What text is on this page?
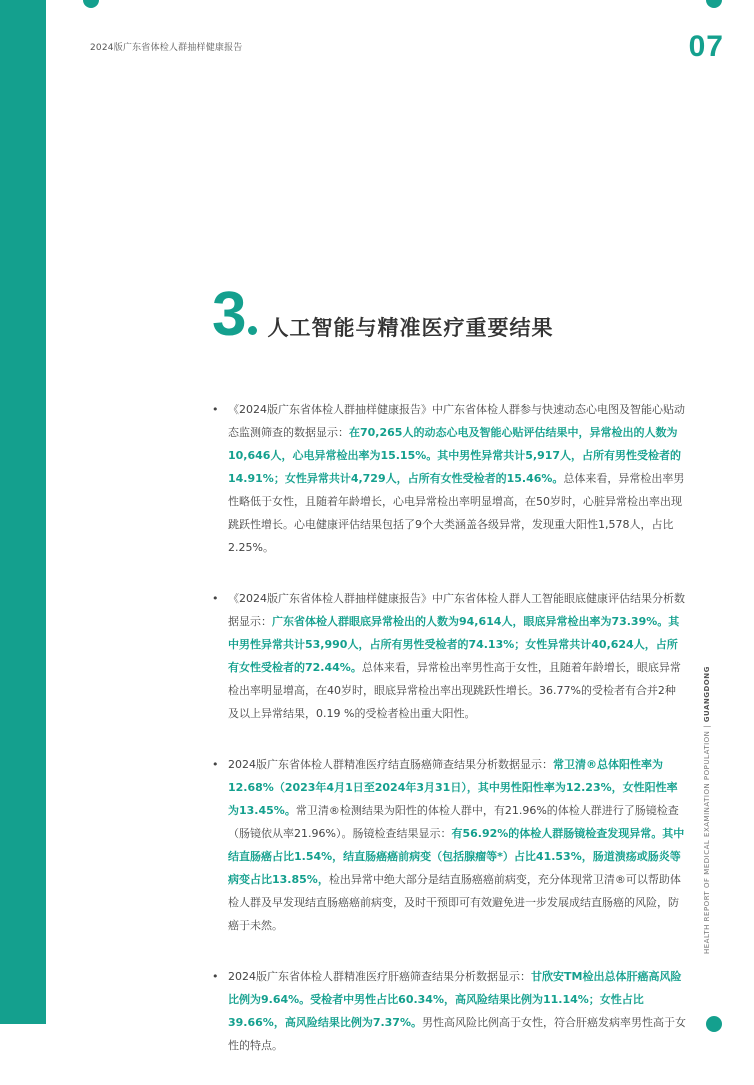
2024版广东省体检人群抽样健康报告	07
3 人工智能与精准医疗重要结果
• 《2024版广东省体检人群抽样健康报告》中广东省体检人群参与快速动态心电图及智能心贴动态监测筛查的数据显示：在70,265人的动态心电及智能心贴评估结果中，异常检出的人数为10,646人，心电异常检出率为15.15%。其中男性异常共计5,917人，占所有男性受检者的14.91%；女性异常共计4,729人，占所有女性受检者的15.46%。总体来看，异常检出率男性略低于女性，且随着年龄增长，心电异常检出率明显增高，在50岁时，心脏异常检出率出现跳跃性增长。心电健康评估结果包括了9个大类涵盖各级异常，发现重大阳性1,578人，占比2.25%。
• 《2024版广东省体检人群抽样健康报告》中广东省体检人群人工智能眼底健康评估结果分析数据显示：广东省体检人群眼底异常检出的人数为94,614人，眼底异常检出率为73.39%。其中男性异常共计53,990人，占所有男性受检者的74.13%；女性异常共计40,624人，占所有女性受检者的72.44%。总体来看，异常检出率男性高于女性，且随着年龄增长，眼底异常检出率明显增高，在40岁时，眼底异常检出率出现跳跃性增长。36.77%的受检者有合并2种及以上异常结果，0.19 %的受检者检出重大阳性。
• 2024版广东省体检人群精准医疗结直肠癌筛查结果分析数据显示：常卫清®总体阳性率为12.68%（2023年4月1日至2024年3月31日），其中男性阳性率为12.23%，女性阳性率为13.45%。常卫清®检测结果为阳性的体检人群中，有21.96%的体检人群进行了肠镜检查（肠镜依从率21.96%）。肠镜检查结果显示：有56.92%的体检人群肠镜检查发现异常。其中结直肠癌占比1.54%，结直肠癌癌前病变（包括腺瘤等*）占比41.53%，肠道溃疡或肠炎等病变占比13.85%，检出异常中绝大部分是结直肠癌癌前病变，充分体现常卫清®可以帮助体检人群及早发现结直肠癌癌前病变，及时干预即可有效避免进一步发展成结直肠癌的风险，防癌于未然。
• 2024版广东省体检人群精准医疗肝癌筛查结果分析数据显示：甘欣安TM检出总体肝癌高风险比例为9.64%。受检者中男性占比60.34%，高风险结果比例为11.14%；女性占比39.66%，高风险结果比例为7.37%。男性高风险比例高于女性，符合肝癌发病率男性高于女性的特点。
HEALTH REPORT OF MEDICAL EXAMINATION POPULATION | GUANGDONG
